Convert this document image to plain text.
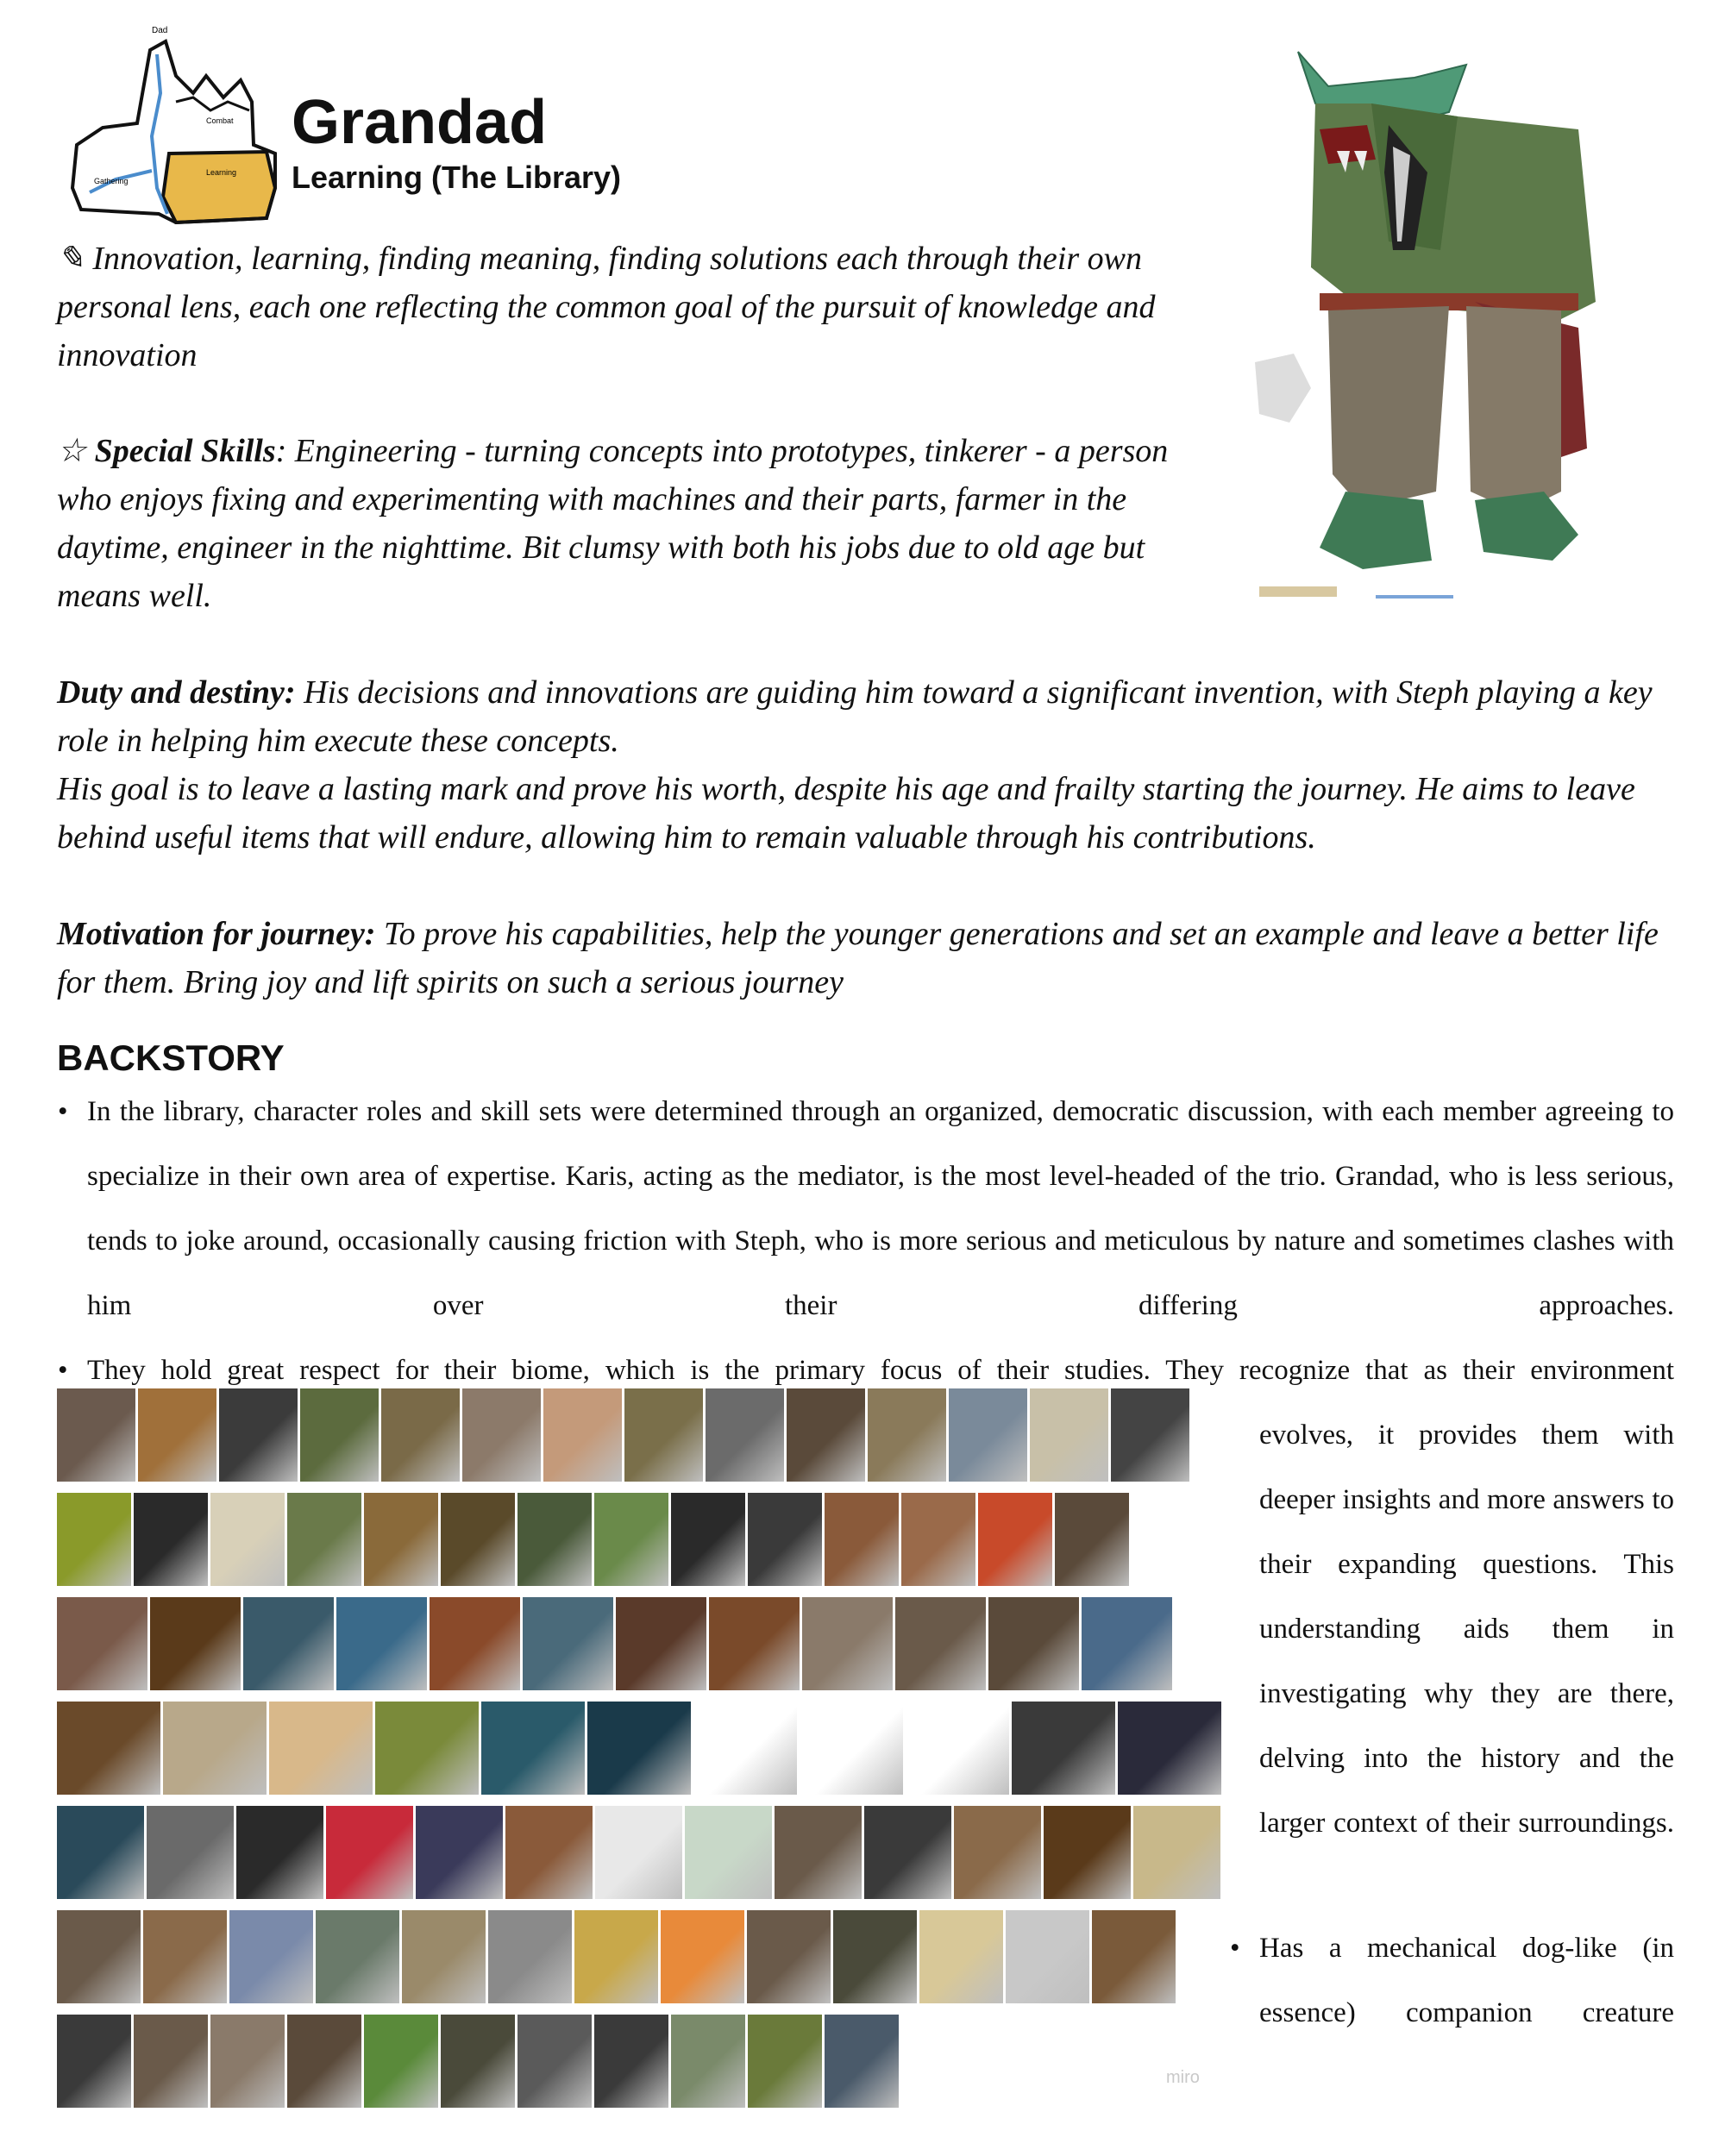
Dad
Combat
Gathering
Learning
Grandad
Learning (The Library)

✎ Innovation, learning, finding meaning, finding solutions each through their own personal lens, each one reflecting the common goal of the pursuit of knowledge and innovation

☆ Special Skills: Engineering - turning concepts into prototypes, tinkerer - a person who enjoys fixing and experimenting with machines and their parts, farmer in the daytime, engineer in the nighttime. Bit clumsy with both his jobs due to old age but means well.

Duty and destiny: His decisions and innovations are guiding him toward a significant invention, with Steph playing a key role in helping him execute these concepts.
His goal is to leave a lasting mark and prove his worth, despite his age and frailty starting the journey. He aims to leave behind useful items that will endure, allowing him to remain valuable through his contributions.

Motivation for journey: To prove his capabilities, help the younger generations and set an example and leave a better life for them. Bring joy and lift spirits on such a serious journey

BACKSTORY

• In the library, character roles and skill sets were determined through an organized, democratic discussion, with each member agreeing to specialize in their own area of expertise. Karis, acting as the mediator, is the most level-headed of the trio. Grandad, who is less serious, tends to joke around, occasionally causing friction with Steph, who is more serious and meticulous by nature and sometimes clashes with him over their differing approaches.

• They hold great respect for their biome, which is the primary focus of their studies. They recognize that as their environment

evolves, it provides them with deeper insights and more answers to their expanding questions. This understanding aids them in investigating why they are there, delving into the history and the larger context of their surroundings.

• Has a mechanical dog-like (in essence) companion creature

miro
